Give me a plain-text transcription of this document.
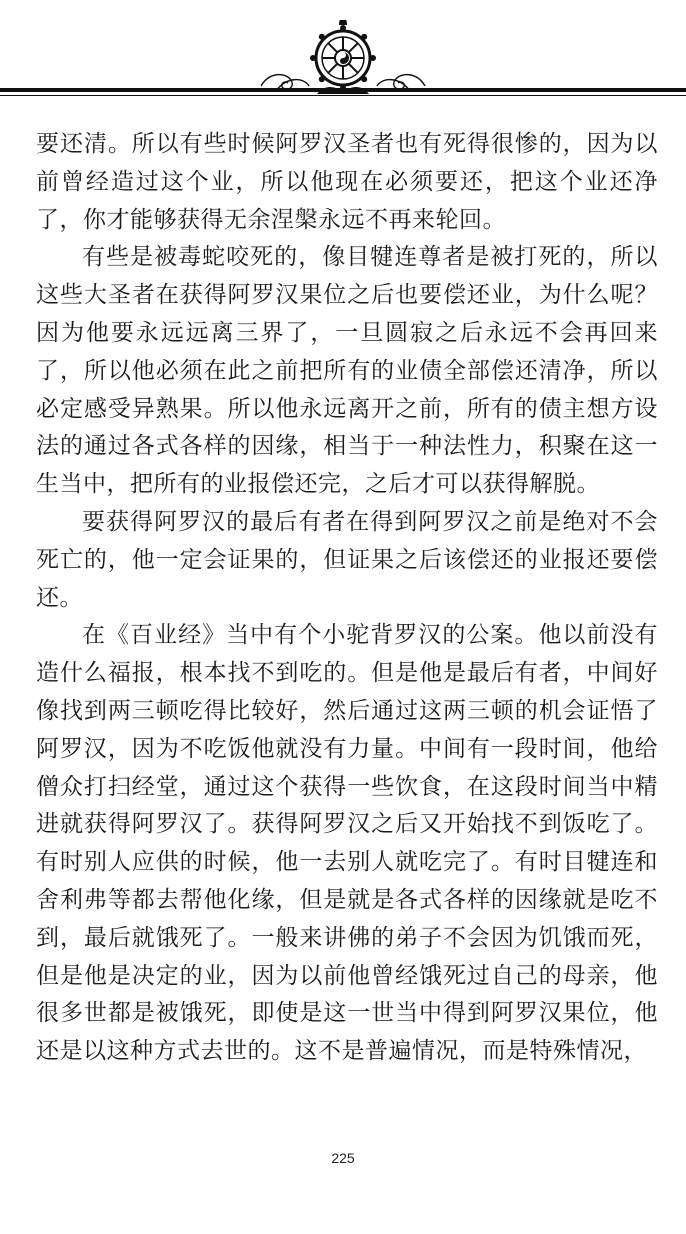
要还清。所以有些时候阿罗汉圣者也有死得很惨的，因为以前曾经造过这个业，所以他现在必须要还，把这个业还净了，你才能够获得无余涅槃永远不再来轮回。

有些是被毒蛇咬死的，像目犍连尊者是被打死的，所以这些大圣者在获得阿罗汉果位之后也要偿还业，为什么呢？因为他要永远远离三界了，一旦圆寂之后永远不会再回来了，所以他必须在此之前把所有的业债全部偿还清净，所以必定感受异熟果。所以他永远离开之前，所有的债主想方设法的通过各式各样的因缘，相当于一种法性力，积聚在这一生当中，把所有的业报偿还完，之后才可以获得解脱。

要获得阿罗汉的最后有者在得到阿罗汉之前是绝对不会死亡的，他一定会证果的，但证果之后该偿还的业报还要偿还。

在《百业经》当中有个小驼背罗汉的公案。他以前没有造什么福报，根本找不到吃的。但是他是最后有者，中间好像找到两三顿吃得比较好，然后通过这两三顿的机会证悟了阿罗汉，因为不吃饭他就没有力量。中间有一段时间，他给僧众打扫经堂，通过这个获得一些饮食，在这段时间当中精进就获得阿罗汉了。获得阿罗汉之后又开始找不到饭吃了。有时别人应供的时候，他一去别人就吃完了。有时目犍连和舍利弗等都去帮他化缘，但是就是各式各样的因缘就是吃不到，最后就饿死了。一般来讲佛的弟子不会因为饥饿而死，但是他是决定的业，因为以前他曾经饿死过自己的母亲，他很多世都是被饿死，即使是这一世当中得到阿罗汉果位，他还是以这种方式去世的。这不是普遍情况，而是特殊情况，

225
